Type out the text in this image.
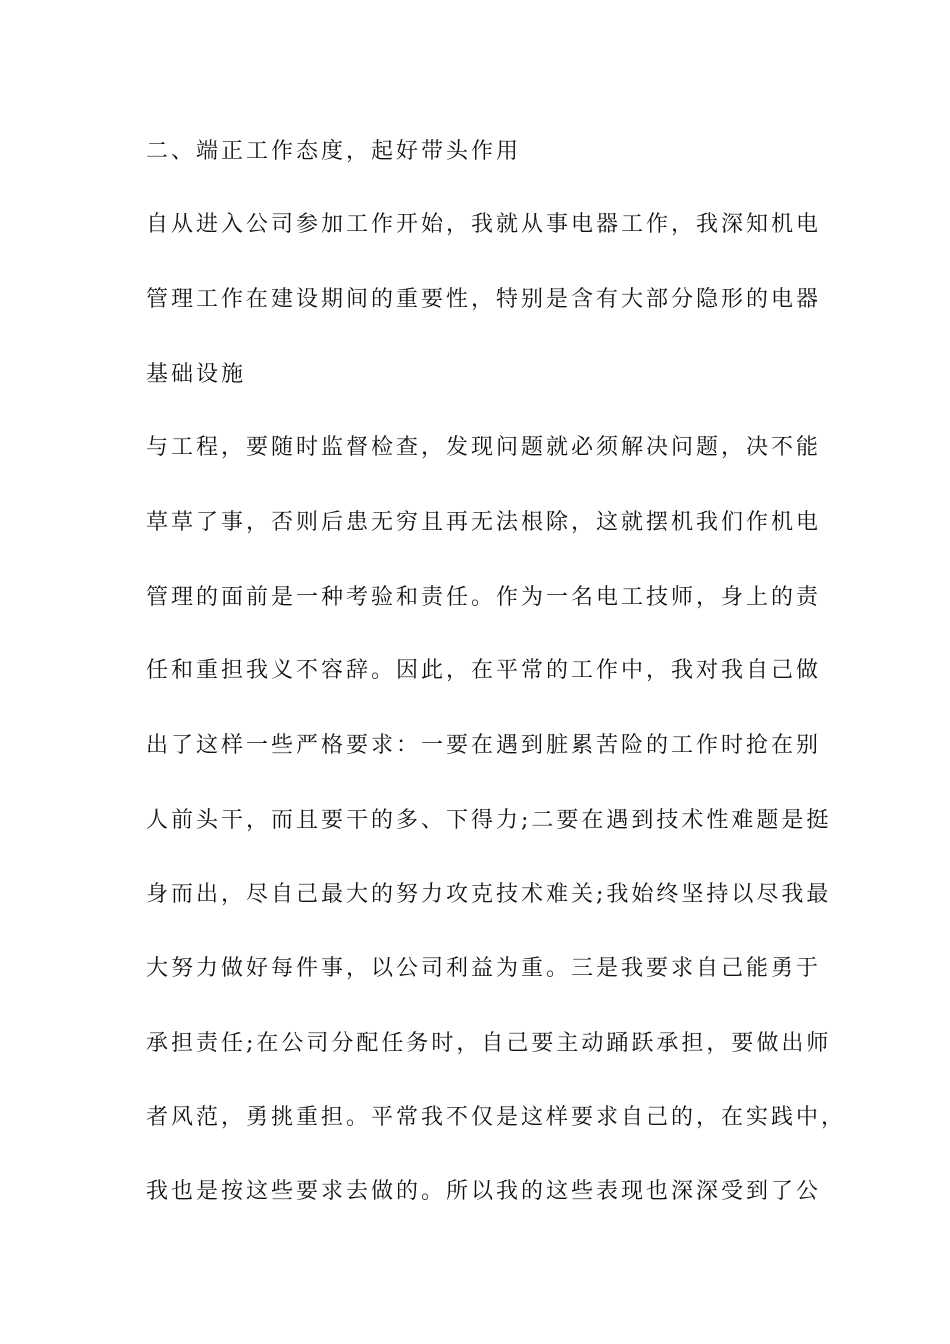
二、端正工作态度，起好带头作用
自从进入公司参加工作开始，我就从事电器工作，我深知机电
管理工作在建设期间的重要性，特别是含有大部分隐形的电器
基础设施
与工程，要随时监督检查，发现问题就必须解决问题，决不能
草草了事，否则后患无穷且再无法根除，这就摆机我们作机电
管理的面前是一种考验和责任。作为一名电工技师，身上的责
任和重担我义不容辞。因此，在平常的工作中，我对我自己做
出了这样一些严格要求：一要在遇到脏累苦险的工作时抢在别
人前头干，而且要干的多、下得力;二要在遇到技术性难题是挺
身而出，尽自己最大的努力攻克技术难关;我始终坚持以尽我最
大努力做好每件事，以公司利益为重。三是我要求自己能勇于
承担责任;在公司分配任务时，自己要主动踊跃承担，要做出师
者风范，勇挑重担。平常我不仅是这样要求自己的，在实践中，
我也是按这些要求去做的。所以我的这些表现也深深受到了公
